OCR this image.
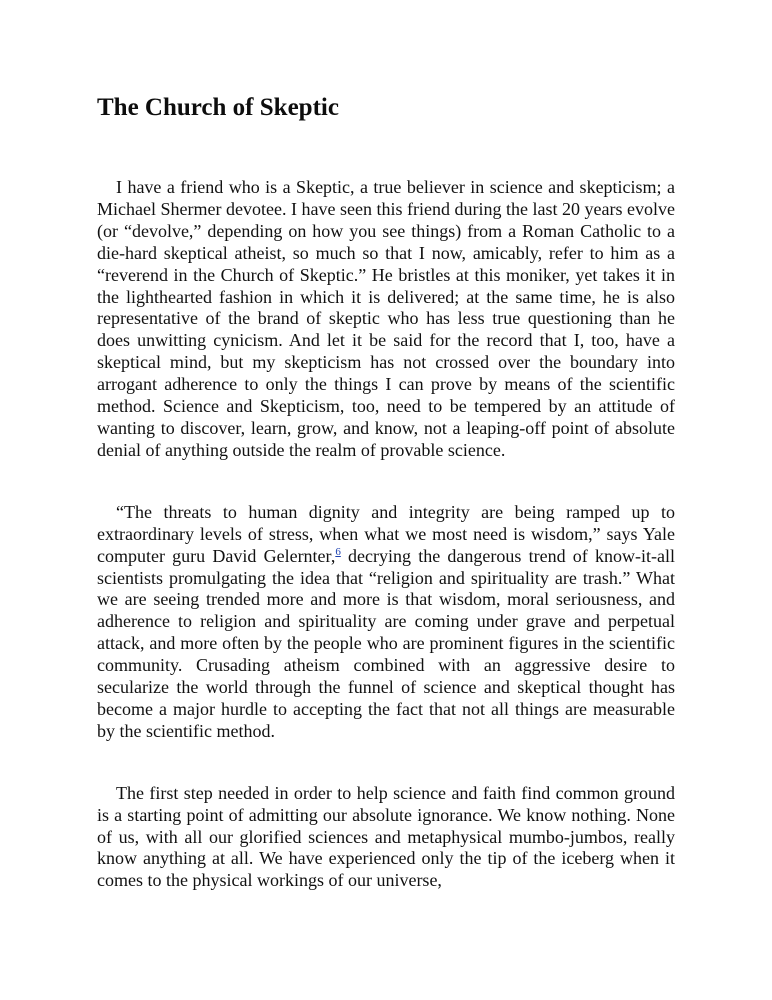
The Church of Skeptic

I have a friend who is a Skeptic, a true believer in science and skepticism; a Michael Shermer devotee. I have seen this friend during the last 20 years evolve (or “devolve,” depending on how you see things) from a Roman Catholic to a die-hard skeptical atheist, so much so that I now, amicably, refer to him as a “reverend in the Church of Skeptic.” He bristles at this moniker, yet takes it in the lighthearted fashion in which it is delivered; at the same time, he is also representative of the brand of skeptic who has less true questioning than he does unwitting cynicism. And let it be said for the record that I, too, have a skeptical mind, but my skepticism has not crossed over the boundary into arrogant adherence to only the things I can prove by means of the scientific method. Science and Skepticism, too, need to be tempered by an attitude of wanting to discover, learn, grow, and know, not a leaping-off point of absolute denial of anything outside the realm of provable science.

“The threats to human dignity and integrity are being ramped up to extraordinary levels of stress, when what we most need is wisdom,” says Yale computer guru David Gelernter,$^6$ decrying the dangerous trend of know-it-all scientists promulgating the idea that “religion and spirituality are trash.” What we are seeing trended more and more is that wisdom, moral seriousness, and adherence to religion and spirituality are coming under grave and perpetual attack, and more often by the people who are prominent figures in the scientific community. Crusading atheism combined with an aggressive desire to secularize the world through the funnel of science and skeptical thought has become a major hurdle to accepting the fact that not all things are measurable by the scientific method.

The first step needed in order to help science and faith find common ground is a starting point of admitting our absolute ignorance. We know nothing. None of us, with all our glorified sciences and metaphysical mumbo-jumbos, really know anything at all. We have experienced only the tip of the iceberg when it comes to the physical workings of our universe,
